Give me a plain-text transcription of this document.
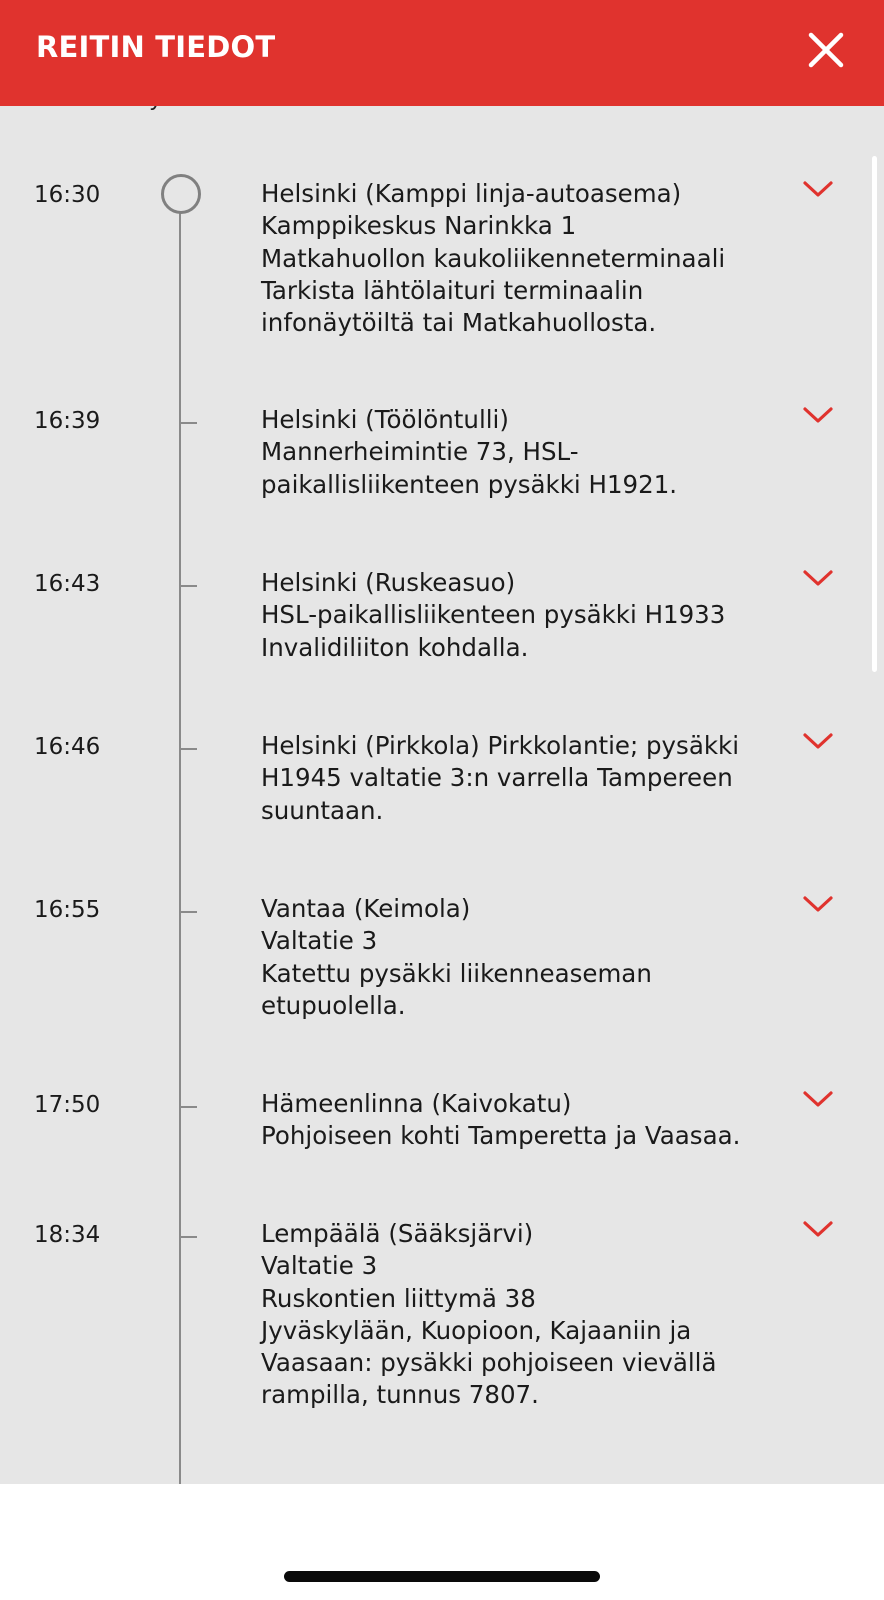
REITIN TIEDOT
16:30	Helsinki (Kamppi linja-autoasema)
Kamppikeskus Narinkka 1
Matkahuollon kaukoliikenneterminaali
Tarkista lähtölaituri terminaalin
infonäytöiltä tai Matkahuollosta.
16:39	Helsinki (Töölöntulli)
Mannerheimintie 73, HSL-
paikallisliikenteen pysäkki H1921.
16:43	Helsinki (Ruskeasuo)
HSL-paikallisliikenteen pysäkki H1933
Invalidiliiton kohdalla.
16:46	Helsinki (Pirkkola) Pirkkolantie; pysäkki
H1945 valtatie 3:n varrella Tampereen
suuntaan.
16:55	Vantaa (Keimola)
Valtatie 3
Katettu pysäkki liikenneaseman
etupuolella.
17:50	Hämeenlinna (Kaivokatu)
Pohjoiseen kohti Tamperetta ja Vaasaa.
18:34	Lempäälä (Sääksjärvi)
Valtatie 3
Ruskontien liittymä 38
Jyväskylään, Kuopioon, Kajaaniin ja
Vaasaan: pysäkki pohjoiseen vievällä
rampilla, tunnus 7807.
